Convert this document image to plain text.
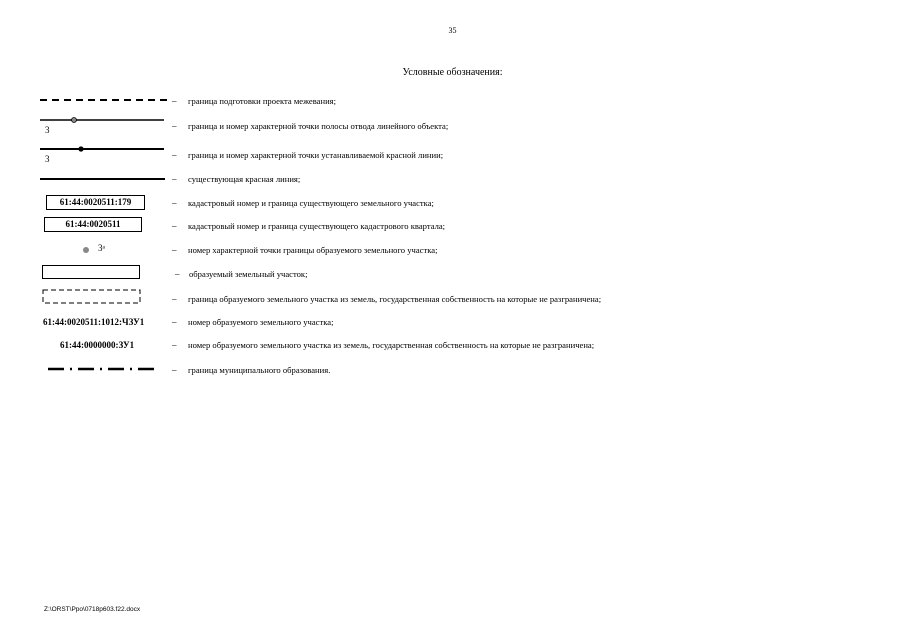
35
Условные обозначения:
– граница подготовки проекта межевания;
3	– граница и номер характерной точки полосы отвода линейного объекта;
3	– граница и номер характерной точки устанавливаемой красной линии;
– существующая красная линия;
61:44:0020511:179	– кадастровый номер и граница существующего земельного участка;
61:44:0020511	– кадастровый номер и граница существующего кадастрового квартала;
3ᵃ	– номер характерной точки границы образуемого земельного участка;
– образуемый земельный участок;
– граница образуемого земельного участка из земель, государственная собственность на которые не разграничена;
61:44:0020511:1012:ЧЗУ1	– номер образуемого земельного участка;
61:44:0000000:ЗУ1	– номер образуемого земельного участка из земель, государственная собственность на которые не разграничена;
– граница муниципального образования.
Z:\ORST\Ppo\0718p603.f22.docx
